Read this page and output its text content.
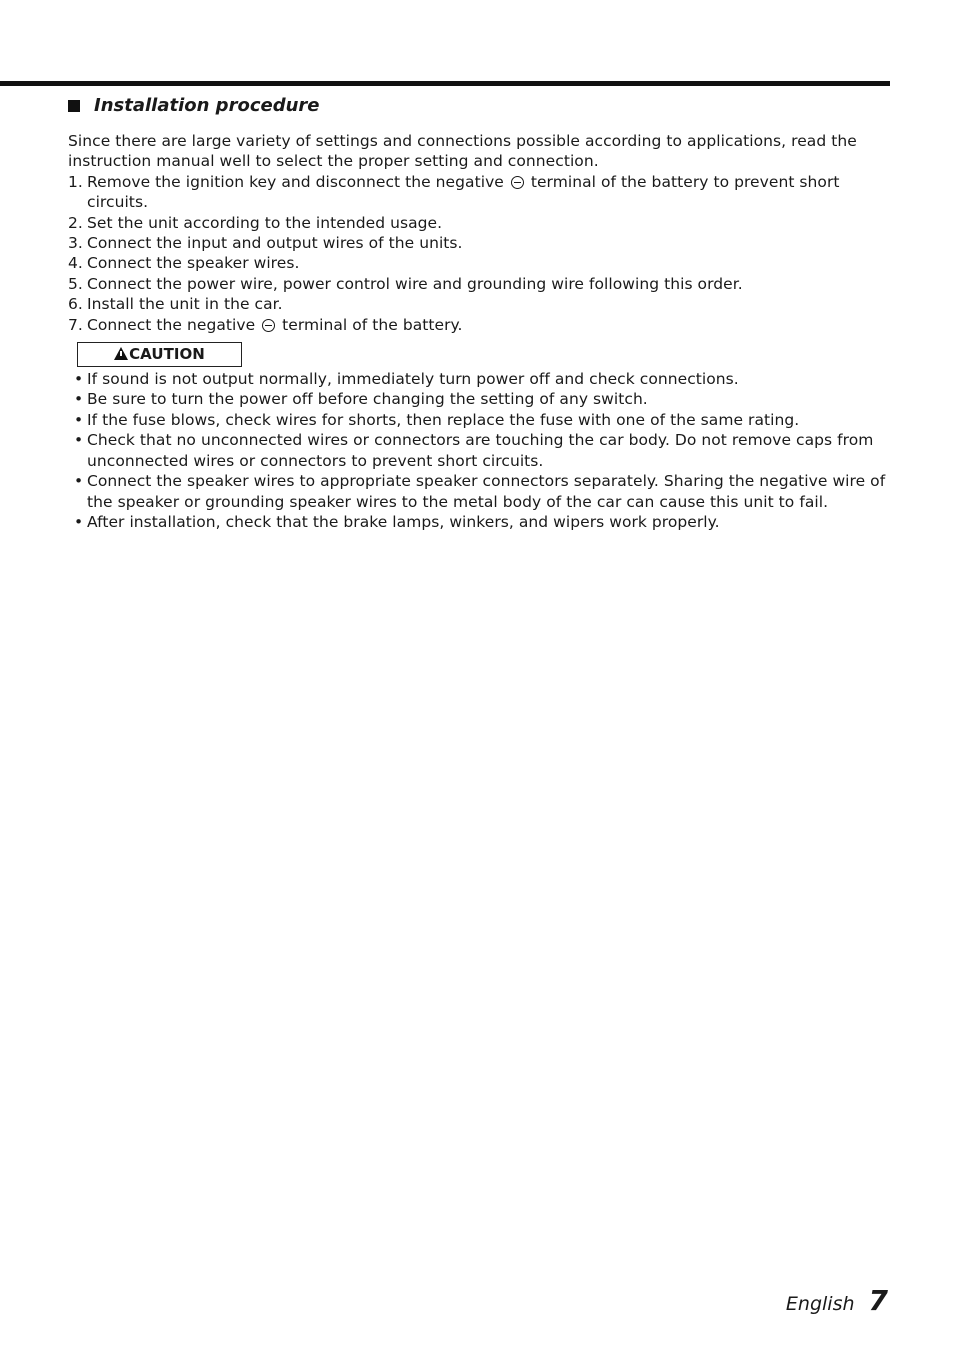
Installation procedure

Since there are large variety of settings and connections possible according to applications, read the instruction manual well to select the proper setting and connection.

1. Remove the ignition key and disconnect the negative terminal of the battery to prevent short circuits.
2. Set the unit according to the intended usage.
3. Connect the input and output wires of the units.
4. Connect the speaker wires.
5. Connect the power wire, power control wire and grounding wire following this order.
6. Install the unit in the car.
7. Connect the negative terminal of the battery.
CAUTION
• If sound is not output normally, immediately turn power off and check connections.
• Be sure to turn the power off before changing the setting of any switch.
• If the fuse blows, check wires for shorts, then replace the fuse with one of the same rating.
• Check that no unconnected wires or connectors are touching the car body. Do not remove caps from unconnected wires or connectors to prevent short circuits.
• Connect the speaker wires to appropriate speaker connectors separately. Sharing the negative wire of the speaker or grounding speaker wires to the metal body of the car can cause this unit to fail.
• After installation, check that the brake lamps, winkers, and wipers work properly.
English 7
